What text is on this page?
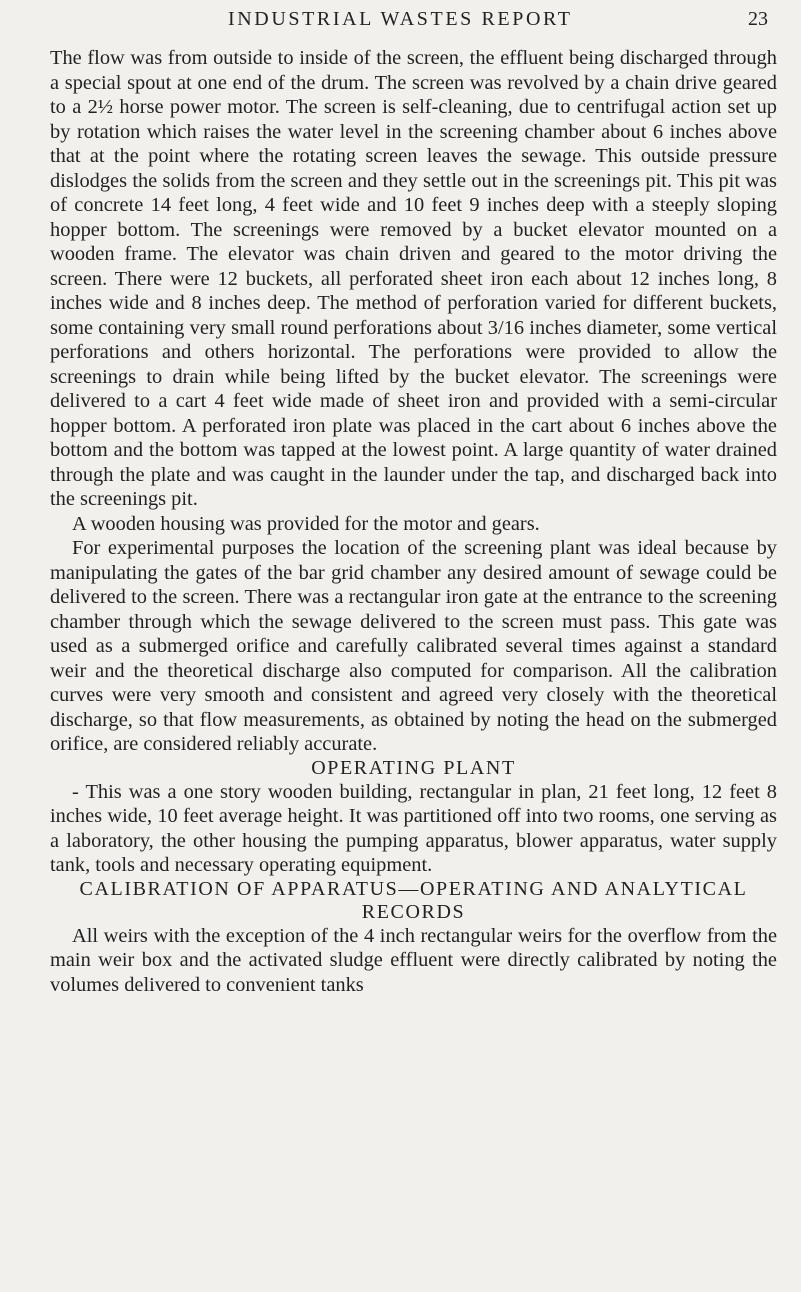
INDUSTRIAL WASTES REPORT	23

The flow was from outside to inside of the screen, the effluent being discharged through a special spout at one end of the drum. The screen was revolved by a chain drive geared to a 2½ horse power motor. The screen is self-cleaning, due to centrifugal action set up by rotation which raises the water level in the screening chamber about 6 inches above that at the point where the rotating screen leaves the sewage. This outside pressure dislodges the solids from the screen and they settle out in the screenings pit. This pit was of concrete 14 feet long, 4 feet wide and 10 feet 9 inches deep with a steeply sloping hopper bottom. The screenings were removed by a bucket elevator mounted on a wooden frame. The elevator was chain driven and geared to the motor driving the screen. There were 12 buckets, all perforated sheet iron each about 12 inches long, 8 inches wide and 8 inches deep. The method of perforation varied for different buckets, some containing very small round perforations about 3/16 inches diameter, some vertical perforations and others horizontal. The perforations were provided to allow the screenings to drain while being lifted by the bucket elevator. The screenings were delivered to a cart 4 feet wide made of sheet iron and provided with a semi-circular hopper bottom. A perforated iron plate was placed in the cart about 6 inches above the bottom and the bottom was tapped at the lowest point. A large quantity of water drained through the plate and was caught in the launder under the tap, and discharged back into the screenings pit.

A wooden housing was provided for the motor and gears.

For experimental purposes the location of the screening plant was ideal because by manipulating the gates of the bar grid chamber any desired amount of sewage could be delivered to the screen. There was a rectangular iron gate at the entrance to the screening chamber through which the sewage delivered to the screen must pass. This gate was used as a submerged orifice and carefully calibrated several times against a standard weir and the theoretical discharge also computed for comparison. All the calibration curves were very smooth and consistent and agreed very closely with the theoretical discharge, so that flow measurements, as obtained by noting the head on the submerged orifice, are considered reliably accurate.

OPERATING PLANT

- This was a one story wooden building, rectangular in plan, 21 feet long, 12 feet 8 inches wide, 10 feet average height. It was partitioned off into two rooms, one serving as a laboratory, the other housing the pumping apparatus, blower apparatus, water supply tank, tools and necessary operating equipment.

CALIBRATION OF APPARATUS—OPERATING AND ANALYTICAL RECORDS

All weirs with the exception of the 4 inch rectangular weirs for the overflow from the main weir box and the activated sludge effluent were directly calibrated by noting the volumes delivered to convenient tanks
